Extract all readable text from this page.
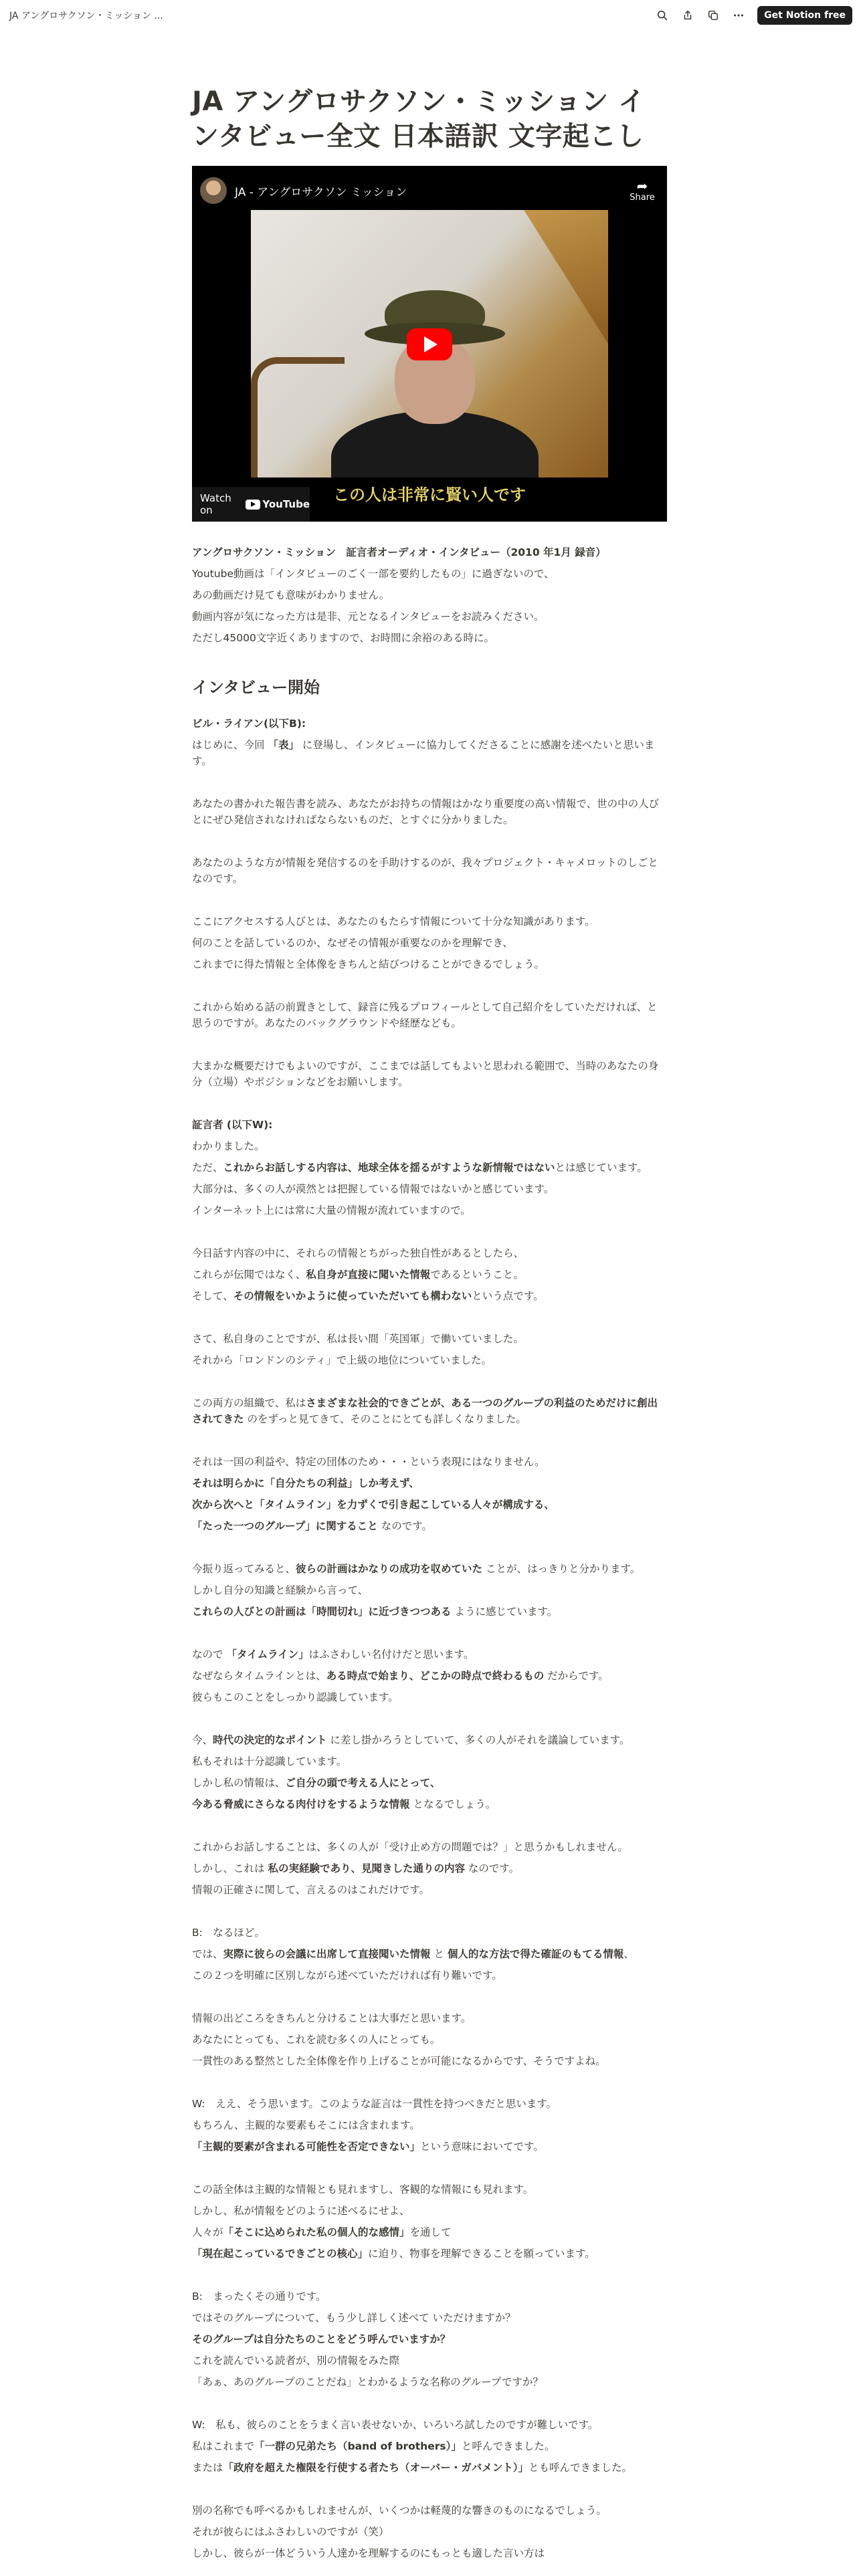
JA アングロサクソン・ミッション ...	Get Notion free
JA アングロサクソン・ミッション インタビュー全文 日本語訳 文字起こし
JA - アングロサクソン ミッション	➦
Share
この人は非常に賢い人です
Watch on	YouTube

アングロサクソン・ミッション　証言者オーディオ・インタビュー（2010 年1月 録音）

Youtube動画は「インタビューのごく一部を要約したもの」に過ぎないので、

あの動画だけ見ても意味がわかりません。

動画内容が気になった方は是非、元となるインタビューをお読みください。

ただし45000文字近くありますので、お時間に余裕のある時に。

インタビュー開始

ビル・ライアン(以下B):

はじめに、今回 「表」 に登場し、インタビューに協力してくださることに感謝を述べたいと思います。

あなたの書かれた報告書を読み、あなたがお持ちの情報はかなり重要度の高い情報で、世の中の人びとにぜひ発信されなければならないものだ、とすぐに分かりました。

あなたのような方が情報を発信するのを手助けするのが、我々プロジェクト・キャメロットのしごとなのです。

ここにアクセスする人びとは、あなたのもたらす情報について十分な知識があります。

何のことを話しているのか、なぜその情報が重要なのかを理解でき、

これまでに得た情報と全体像をきちんと結びつけることができるでしょう。

これから始める話の前置きとして、録音に残るプロフィールとして自己紹介をしていただければ、と思うのですが。あなたのバックグラウンドや経歴なども。

大まかな概要だけでもよいのですが、ここまでは話してもよいと思われる範囲で、当時のあなたの身分（立場）やポジションなどをお願いします。

証言者 (以下W):

わかりました。

ただ、これからお話しする内容は、地球全体を揺るがすような新情報ではないとは感じています。

大部分は、多くの人が漠然とは把握している情報ではないかと感じています。

インターネット上には常に大量の情報が流れていますので。

今日話す内容の中に、それらの情報とちがった独自性があるとしたら、

これらが伝聞ではなく、私自身が直接に聞いた情報であるということ。

そして、その情報をいかように使っていただいても構わないという点です。

さて、私自身のことですが、私は長い間「英国軍」で働いていました。

それから「ロンドンのシティ」で上級の地位についていました。

この両方の組織で、私はさまざまな社会的できごとが、ある一つのグループの利益のためだけに創出されてきた のをずっと見てきて、そのことにとても詳しくなりました。

それは一国の利益や、特定の団体のため・・・という表現にはなりません。

それは明らかに「自分たちの利益」しか考えず、

次から次へと「タイムライン」を力ずくで引き起こしている人々が構成する、

「たった一つのグループ」に関すること なのです。

今振り返ってみると、彼らの計画はかなりの成功を収めていた ことが、はっきりと分かります。

しかし自分の知識と経験から言って、

これらの人びとの計画は「時間切れ」に近づきつつある ように感じています。

なので 「タイムライン」はふさわしい名付けだと思います。

なぜならタイムラインとは、ある時点で始まり、どこかの時点で終わるもの だからです。

彼らもこのことをしっかり認識しています。

今、時代の決定的なポイント に差し掛かろうとしていて、多くの人がそれを議論しています。

私もそれは十分認識しています。

しかし私の情報は、ご自分の頭で考える人にとって、

今ある脅威にさらなる肉付けをするような情報 となるでしょう。

これからお話しすることは、多くの人が「受け止め方の問題では？」と思うかもしれません。

しかし、これは 私の実経験であり、見聞きした通りの内容 なのです。

情報の正確さに関して、言えるのはこれだけです。

B:　なるほど。

では、実際に彼らの会議に出席して直接聞いた情報 と 個人的な方法で得た確証のもてる情報、

この２つを明確に区別しながら述べていただければ有り難いです。

情報の出どころをきちんと分けることは大事だと思います。

あなたにとっても、これを読む多くの人にとっても。

一貫性のある整然とした全体像を作り上げることが可能になるからです、そうですよね。

W:　ええ、そう思います。このような証言は一貫性を持つべきだと思います。

もちろん、主観的な要素もそこには含まれます。

「主観的要素が含まれる可能性を否定できない」という意味においてです。

この話全体は主観的な情報とも見れますし、客観的な情報にも見れます。

しかし、私が情報をどのように述べるにせよ、

人々が「そこに込められた私の個人的な感情」を通して

「現在起こっているできごとの核心」に迫り、物事を理解できることを願っています。

B:　まったくその通りです。

ではそのグループについて、もう少し詳しく述べて いただけますか？

そのグループは自分たちのことをどう呼んでいますか？

これを読んでいる読者が、別の情報をみた際

「あぁ、あのグループのことだね」とわかるような名称のグループですか？

W:　私も、彼らのことをうまく言い表せないか、いろいろ試したのですが難しいです。

私はこれまで「一群の兄弟たち（band of brothers）」と呼んできました。

または「政府を超えた権限を行使する者たち（オーバー・ガバメント）」とも呼んできました。

別の名称でも呼べるかもしれませんが、いくつかは軽蔑的な響きのものになるでしょう。

それが彼らにはふさわしいのですが（笑）

しかし、彼らが一体どういう人達かを理解するのにもっとも適した言い方は
